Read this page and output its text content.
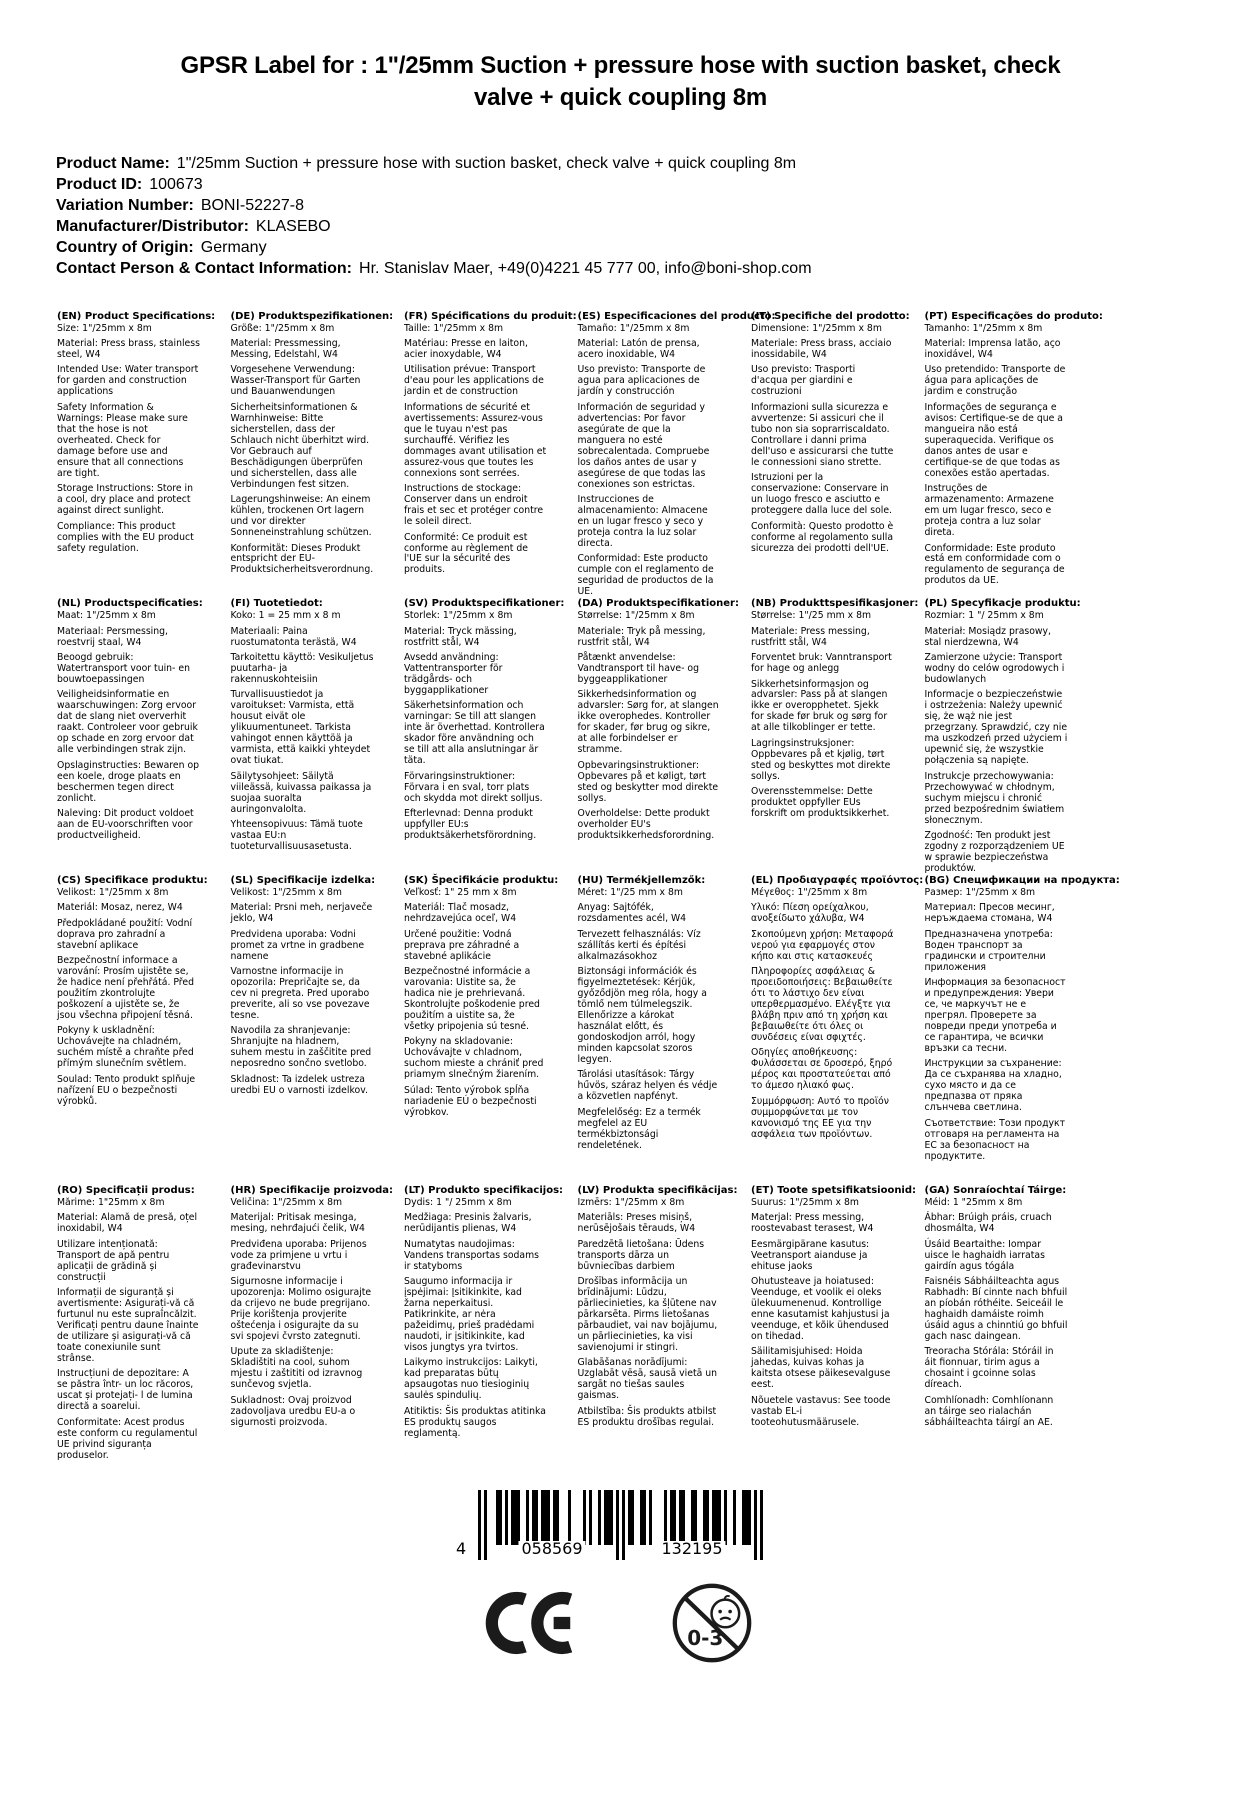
GPSR Label for : 1"/25mm Suction + pressure hose with suction basket, check valve + quick coupling 8m
Product Name: 1"/25mm Suction + pressure hose with suction basket, check valve + quick coupling 8m
Product ID: 100673
Variation Number: BONI-52227-8
Manufacturer/Distributor: KLASEBO
Country of Origin: Germany
Contact Person & Contact Information: Hr. Stanislav Maer, +49(0)4221 45 777 00, info@boni-shop.com
(EN) Product Specifications:

Size: 1"/25mm x 8m

Material: Press brass, stainless steel, W4

Intended Use: Water transport for garden and construction applications

Safety Information & Warnings: Please make sure that the hose is not overheated. Check for damage before use and ensure that all connections are tight.

Storage Instructions: Store in a cool, dry place and protect against direct sunlight.

Compliance: This product complies with the EU product safety regulation.

(DE) Produktspezifikationen:

Größe: 1"/25mm x 8m

Material: Pressmessing, Messing, Edelstahl, W4

Vorgesehene Verwendung: Wasser-Transport für Garten und Bauanwendungen

Sicherheitsinformationen & Warnhinweise: Bitte sicherstellen, dass der Schlauch nicht überhitzt wird. Vor Gebrauch auf Beschädigungen überprüfen und sicherstellen, dass alle Verbindungen fest sitzen.

Lagerungshinweise: An einem kühlen, trockenen Ort lagern und vor direkter Sonneneinstrahlung schützen.

Konformität: Dieses Produkt entspricht der EU-Produktsicherheitsverordnung.

(FR) Spécifications du produit:

Taille: 1"/25mm x 8m

Matériau: Presse en laiton, acier inoxydable, W4

Utilisation prévue: Transport d'eau pour les applications de jardin et de construction

Informations de sécurité et avertissements: Assurez-vous que le tuyau n'est pas surchauffé. Vérifiez les dommages avant utilisation et assurez-vous que toutes les connexions sont serrées.

Instructions de stockage: Conserver dans un endroit frais et sec et protéger contre le soleil direct.

Conformité: Ce produit est conforme au règlement de l'UE sur la sécurité des produits.

(ES) Especificaciones del producto:

Tamaño: 1"/25mm x 8m

Material: Latón de prensa, acero inoxidable, W4

Uso previsto: Transporte de agua para aplicaciones de jardín y construcción

Información de seguridad y advertencias: Por favor asegúrate de que la manguera no esté sobrecalentada. Compruebe los daños antes de usar y asegúrese de que todas las conexiones son estrictas.

Instrucciones de almacenamiento: Almacene en un lugar fresco y seco y proteja contra la luz solar directa.

Conformidad: Este producto cumple con el reglamento de seguridad de productos de la UE.

(IT) Specifiche del prodotto:

Dimensione: 1"/25mm x 8m

Materiale: Press brass, acciaio inossidabile, W4

Uso previsto: Trasporti d'acqua per giardini e costruzioni

Informazioni sulla sicurezza e avvertenze: Si assicuri che il tubo non sia soprarriscaldato. Controllare i danni prima dell'uso e assicurarsi che tutte le connessioni siano strette.

Istruzioni per la conservazione: Conservare in un luogo fresco e asciutto e proteggere dalla luce del sole.

Conformità: Questo prodotto è conforme al regolamento sulla sicurezza dei prodotti dell'UE.

(PT) Especificações do produto:

Tamanho: 1"/25mm x 8m

Material: Imprensa latão, aço inoxidável, W4

Uso pretendido: Transporte de água para aplicações de jardim e construção

Informações de segurança e avisos: Certifique-se de que a mangueira não está superaquecida. Verifique os danos antes de usar e certifique-se de que todas as conexões estão apertadas.

Instruções de armazenamento: Armazene em um lugar fresco, seco e proteja contra a luz solar direta.

Conformidade: Este produto está em conformidade com o regulamento de segurança de produtos da UE.

(NL) Productspecificaties:

Maat: 1"/25mm x 8m

Materiaal: Persmessing, roestvrij staal, W4

Beoogd gebruik: Watertransport voor tuin- en bouwtoepassingen

Veiligheidsinformatie en waarschuwingen: Zorg ervoor dat de slang niet oververhit raakt. Controleer voor gebruik op schade en zorg ervoor dat alle verbindingen strak zijn.

Opslaginstructies: Bewaren op een koele, droge plaats en beschermen tegen direct zonlicht.

Naleving: Dit product voldoet aan de EU-voorschriften voor productveiligheid.

(FI) Tuotetiedot:

Koko: 1 = 25 mm x 8 m

Materiaali: Paina ruostumatonta terästä, W4

Tarkoitettu käyttö: Vesikuljetus puutarha- ja rakennuskohteisiin

Turvallisuustiedot ja varoitukset: Varmista, että housut eivät ole ylikuumentuneet. Tarkista vahingot ennen käyttöä ja varmista, että kaikki yhteydet ovat tiukat.

Säilytysohjeet: Säilytä viileässä, kuivassa paikassa ja suojaa suoralta auringonvalolta.

Yhteensopivuus: Tämä tuote vastaa EU:n tuoteturvallisuusasetusta.

(SV) Produktspecifikationer:

Storlek: 1"/25mm x 8m

Material: Tryck mässing, rostfritt stål, W4

Avsedd användning: Vattentransporter för trädgårds- och byggapplikationer

Säkerhetsinformation och varningar: Se till att slangen inte är överhettad. Kontrollera skador före användning och se till att alla anslutningar är täta.

Förvaringsinstruktioner: Förvara i en sval, torr plats och skydda mot direkt solljus.

Efterlevnad: Denna produkt uppfyller EU:s produktsäkerhetsförordning.

(DA) Produktspecifikationer:

Størrelse: 1"/25mm x 8m

Materiale: Tryk på messing, rustfrit stål, W4

Påtænkt anvendelse: Vandtransport til have- og byggeapplikationer

Sikkerhedsinformation og advarsler: Sørg for, at slangen ikke overophedes. Kontroller for skader, før brug og sikre, at alle forbindelser er stramme.

Opbevaringsinstruktioner: Opbevares på et køligt, tørt sted og beskytter mod direkte sollys.

Overholdelse: Dette produkt overholder EU's produktsikkerhedsforordning.

(NB) Produkttspesifikasjoner:

Størrelse: 1"/25 mm x 8m

Materiale: Press messing, rustfritt stål, W4

Forventet bruk: Vanntransport for hage og anlegg

Sikkerhetsinformasjon og advarsler: Pass på at slangen ikke er overopphetet. Sjekk for skade før bruk og sørg for at alle tilkoblinger er tette.

Lagringsinstruksjoner: Oppbevares på et kjølig, tørt sted og beskyttes mot direkte sollys.

Overensstemmelse: Dette produktet oppfyller EUs forskrift om produktsikkerhet.

(PL) Specyfikacje produktu:

Rozmiar: 1 "/ 25mm x 8m

Materiał: Mosiądz prasowy, stal nierdzewna, W4

Zamierzone użycie: Transport wodny do celów ogrodowych i budowlanych

Informacje o bezpieczeństwie i ostrzeżenia: Należy upewnić się, że wąż nie jest przegrzany. Sprawdzić, czy nie ma uszkodzeń przed użyciem i upewnić się, że wszystkie połączenia są napięte.

Instrukcje przechowywania: Przechowywać w chłodnym, suchym miejscu i chronić przed bezpośrednim światłem słonecznym.

Zgodność: Ten produkt jest zgodny z rozporządzeniem UE w sprawie bezpieczeństwa produktów.

(CS) Specifikace produktu:

Velikost: 1"/25mm x 8m

Materiál: Mosaz, nerez, W4

Předpokládané použití: Vodní doprava pro zahradní a stavební aplikace

Bezpečnostní informace a varování: Prosím ujistěte se, že hadice není přehřátá. Před použitím zkontrolujte poškození a ujistěte se, že jsou všechna připojení těsná.

Pokyny k uskladnění: Uchovávejte na chladném, suchém místě a chraňte před přímým slunečním světlem.

Soulad: Tento produkt splňuje nařízení EU o bezpečnosti výrobků.

(SL) Specifikacije izdelka:

Velikost: 1"/25mm x 8m

Material: Prsni meh, nerjaveče jeklo, W4

Predvidena uporaba: Vodni promet za vrtne in gradbene namene

Varnostne informacije in opozorila: Prepričajte se, da cev ni pregreta. Pred uporabo preverite, ali so vse povezave tesne.

Navodila za shranjevanje: Shranjujte na hladnem, suhem mestu in zaščitite pred neposredno sončno svetlobo.

Skladnost: Ta izdelek ustreza uredbi EU o varnosti izdelkov.

(SK) Špecifikácie produktu:

Veľkosť: 1" 25 mm x 8m

Materiál: Tlač mosadz, nehrdzavejúca oceľ, W4

Určené použitie: Vodná preprava pre záhradné a stavebné aplikácie

Bezpečnostné informácie a varovania: Uistite sa, že hadica nie je prehrievaná. Skontrolujte poškodenie pred použitím a uistite sa, že všetky pripojenia sú tesné.

Pokyny na skladovanie: Uchovávajte v chladnom, suchom mieste a chrániť pred priamym slnečným žiarením.

Súlad: Tento výrobok spĺňa nariadenie EÚ o bezpečnosti výrobkov.

(HU) Termékjellemzők:

Méret: 1"/25 mm x 8m

Anyag: Sajtófék, rozsdamentes acél, W4

Tervezett felhasználás: Víz szállítás kerti és építési alkalmazásokhoz

Biztonsági információk és figyelmeztetések: Kérjük, győződjön meg róla, hogy a tömlő nem túlmelegszik. Ellenőrizze a károkat használat előtt, és gondoskodjon arról, hogy minden kapcsolat szoros legyen.

Tárolási utasítások: Tárgy hűvös, száraz helyen és védje a közvetlen napfényt.

Megfelelőség: Ez a termék megfelel az EU termékbiztonsági rendeletének.

(EL) Προδιαγραφές προϊόντος:

Μέγεθος: 1"/25mm x 8m

Υλικό: Πίεση ορείχαλκου, ανοξείδωτο χάλυβα, W4

Σκοπούμενη χρήση: Μεταφορά νερού για εφαρμογές στον κήπο και στις κατασκευές

Πληροφορίες ασφάλειας & προειδοποιήσεις: Βεβαιωθείτε ότι το λάστιχο δεν είναι υπερθερμασμένο. Ελέγξτε για βλάβη πριν από τη χρήση και βεβαιωθείτε ότι όλες οι συνδέσεις είναι σφιχτές.

Οδηγίες αποθήκευσης: Φυλάσσεται σε δροσερό, ξηρό μέρος και προστατεύεται από το άμεσο ηλιακό φως.

Συμμόρφωση: Αυτό το προϊόν συμμορφώνεται με τον κανονισμό της ΕΕ για την ασφάλεια των προϊόντων.

(BG) Спецификации на продукта:

Размер: 1"/25mm x 8m

Материал: Пресов месинг, неръждаема стомана, W4

Предназначена употреба: Воден транспорт за градински и строителни приложения

Информация за безопасност и предупреждения: Увери се, че маркучът не е прегрял. Проверете за повреди преди употреба и се гарантира, че всички връзки са тесни.

Инструкции за съхранение: Да се съхранява на хладно, сухо място и да се предпазва от пряка слънчева светлина.

Съответствие: Този продукт отговаря на регламента на ЕС за безопасност на продуктите.

(RO) Specificații produs:

Mărime: 1"25mm x 8m

Material: Alamă de presă, oțel inoxidabil, W4

Utilizare intenționată: Transport de apă pentru aplicații de grădină și construcții

Informații de siguranță și avertismente: Asigurați-vă că furtunul nu este supraîncălzit. Verificați pentru daune înainte de utilizare și asigurați-vă că toate conexiunile sunt strânse.

Instrucțiuni de depozitare: A se păstra într- un loc răcoros, uscat și protejați- l de lumina directă a soarelui.

Conformitate: Acest produs este conform cu regulamentul UE privind siguranța produselor.

(HR) Specifikacije proizvoda:

Veličina: 1"/25mm x 8m

Materijal: Pritisak mesinga, mesing, nehrđajući čelik, W4

Predviđena uporaba: Prijenos vode za primjene u vrtu i građevinarstvu

Sigurnosne informacije i upozorenja: Molimo osigurajte da crijevo ne bude pregrijano. Prije korištenja provjerite oštećenja i osigurajte da su svi spojevi čvrsto zategnuti.

Upute za skladištenje: Skladištiti na cool, suhom mjestu i zaštititi od izravnog sunčevog svjetla.

Sukladnost: Ovaj proizvod zadovoljava uredbu EU-a o sigurnosti proizvoda.

(LT) Produkto specifikacijos:

Dydis: 1 "/ 25mm x 8m

Medžiaga: Presinis žalvaris, nerūdijantis plienas, W4

Numatytas naudojimas: Vandens transportas sodams ir statyboms

Saugumo informacija ir įspėjimai: Įsitikinkite, kad žarna neperkaitusi. Patikrinkite, ar nėra pažeidimų, prieš pradėdami naudoti, ir įsitikinkite, kad visos jungtys yra tvirtos.

Laikymo instrukcijos: Laikyti, kad preparatas būtų apsaugotas nuo tiesioginių saulės spindulių.

Atitiktis: Šis produktas atitinka ES produktų saugos reglamentą.

(LV) Produkta specifikācijas:

Izmērs: 1"/25mm x 8m

Materiāls: Preses misiņš, nerūsējošais tērauds, W4

Paredzētā lietošana: Ūdens transports dārza un būvniecības darbiem

Drošības informācija un brīdinājumi: Lūdzu, pārliecinieties, ka šļūtene nav pārkarsēta. Pirms lietošanas pārbaudiet, vai nav bojājumu, un pārliecinieties, ka visi savienojumi ir stingri.

Glabāšanas norādījumi: Uzglabāt vēsā, sausā vietā un sargāt no tiešas saules gaismas.

Atbilstība: Šis produkts atbilst ES produktu drošības regulai.

(ET) Toote spetsifikatsioonid:

Suurus: 1"/25mm x 8m

Materjal: Press messing, roostevabast terasest, W4

Eesmärgipärane kasutus: Veetransport aianduse ja ehituse jaoks

Ohutusteave ja hoiatused: Veenduge, et voolik ei oleks ülekuumenenud. Kontrollige enne kasutamist kahjustusi ja veenduge, et kõik ühendused on tihedad.

Säilitamisjuhised: Hoida jahedas, kuivas kohas ja kaitsta otsese päikesevalguse eest.

Nõuetele vastavus: See toode vastab EL-i tooteohutusmäärusele.

(GA) Sonraíochtaí Táirge:

Méid: 1 "25mm x 8m

Ábhar: Brúigh práis, cruach dhosmálta, W4

Úsáid Beartaithe: Iompar uisce le haghaidh iarratas gairdín agus tógála

Faisnéis Sábháilteachta agus Rabhadh: Bí cinnte nach bhfuil an píobán róthéite. Seiceáil le haghaidh damáiste roimh úsáid agus a chinntiú go bhfuil gach nasc daingean.

Treoracha Stórála: Stóráil in áit fionnuar, tirim agus a chosaint i gcoinne solas díreach.

Comhlíonadh: Comhlíonann an táirge seo rialachán sábháilteachta táirgí an AE.

4	058569	132195
0-3
